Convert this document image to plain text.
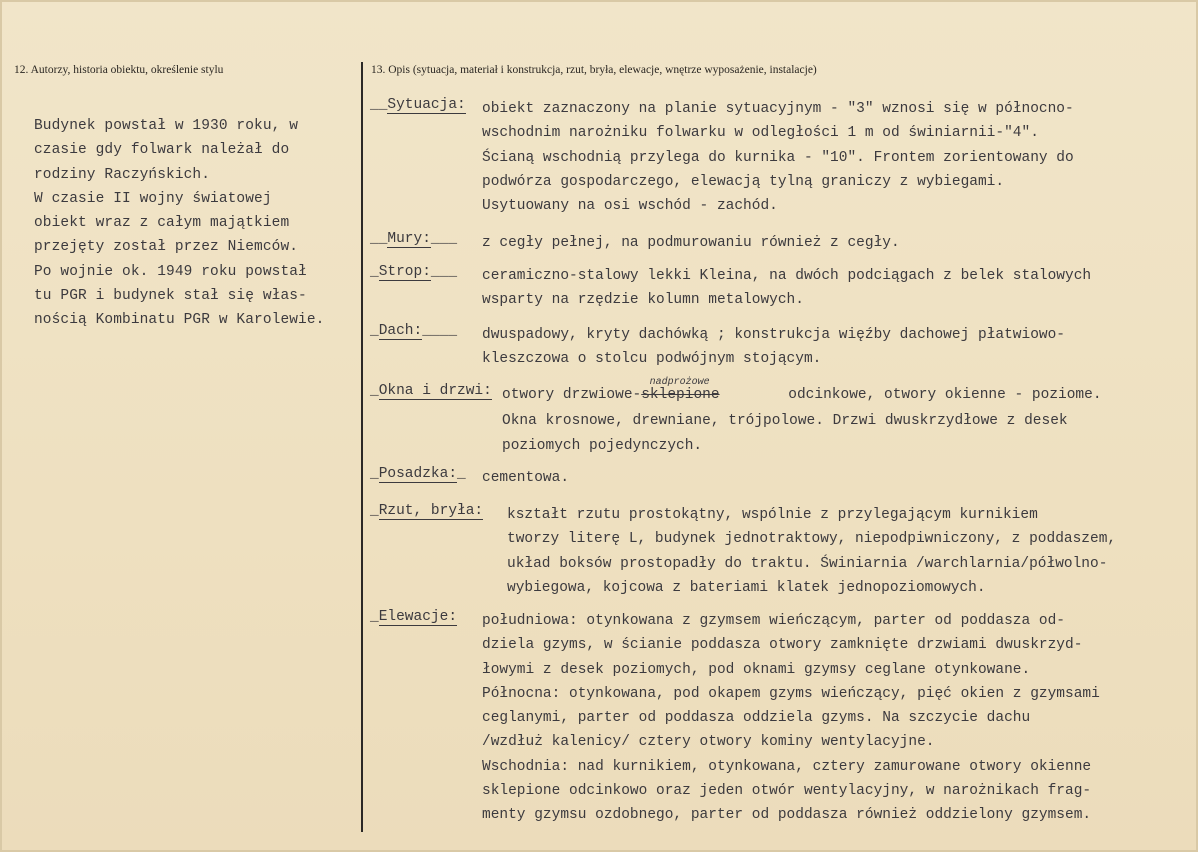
12. Autorzy, historia obiektu, określenie stylu	13. Opis (sytuacja, materiał i konstrukcja, rzut, bryła, elewacje, wnętrze wyposażenie, instalacje)
Budynek powstał w 1930 roku, w
czasie gdy folwark należał do
rodziny Raczyńskich.
W czasie II wojny światowej
obiekt wraz z całym majątkiem
przejęty został przez Niemców.
Po wojnie ok. 1949 roku powstał
tu PGR i budynek stał się włas-
nością Kombinatu PGR w Karolewie.
__Sytuacja: obiekt zaznaczony na planie sytuacyjnym - "3" wznosi się w północno-
wschodnim narożniku folwarku w odległości 1 m od świniarnii-"4".
Ścianą wschodnią przylega do kurnika - "10". Frontem zorientowany do
podwórza gospodarczego, elewacją tylną graniczy z wybiegami.
Usytuowany na osi wschód - zachód.
__Mury:___ z cegły pełnej, na podmurowaniu również z cegły.
_Strop:___ ceramiczno-stalowy lekki Kleina, na dwóch podciągach z belek stalowych
wsparty na rzędzie kolumn metalowych.
_Dach:____ dwuspadowy, kryty dachówką ; konstrukcja więźby dachowej płatwiowo-
kleszczowa o stolcu podwójnym stojącym.
_Okna i drzwi: otwory drzwiowe-sklepione$^{nadprożowe}$ odcinkowe, otwory okienne - poziome.
Okna krosnowe, drewniane, trójpolowe. Drzwi dwuskrzydłowe z desek
poziomych pojedynczych.
_Posadzka:_ cementowa.
_Rzut, bryła: kształt rzutu prostokątny, wspólnie z przylegającym kurnikiem
tworzy literę L, budynek jednotraktowy, niepodpiwniczony, z poddaszem,
układ boksów prostopadły do traktu. Świniarnia /warchlarnia/półwolno-
wybiegowa, kojcowa z bateriami klatek jednopoziomowych.
_Elewacje: południowa: otynkowana z gzymsem wieńczącym, parter od poddasza od-
dziela gzyms, w ścianie poddasza otwory zamknięte drzwiami dwuskrzyd-
łowymi z desek poziomych, pod oknami gzymsy ceglane otynkowane.
Północna: otynkowana, pod okapem gzyms wieńczący, pięć okien z gzymsami
ceglanymi, parter od poddasza oddziela gzyms. Na szczycie dachu
/wzdłuż kalenicy/ cztery otwory kominy wentylacyjne.
Wschodnia: nad kurnikiem, otynkowana, cztery zamurowane otwory okienne
sklepione odcinkowo oraz jeden otwór wentylacyjny, w narożnikach frag-
menty gzymsu ozdobnego, parter od poddasza również oddzielony gzymsem.
